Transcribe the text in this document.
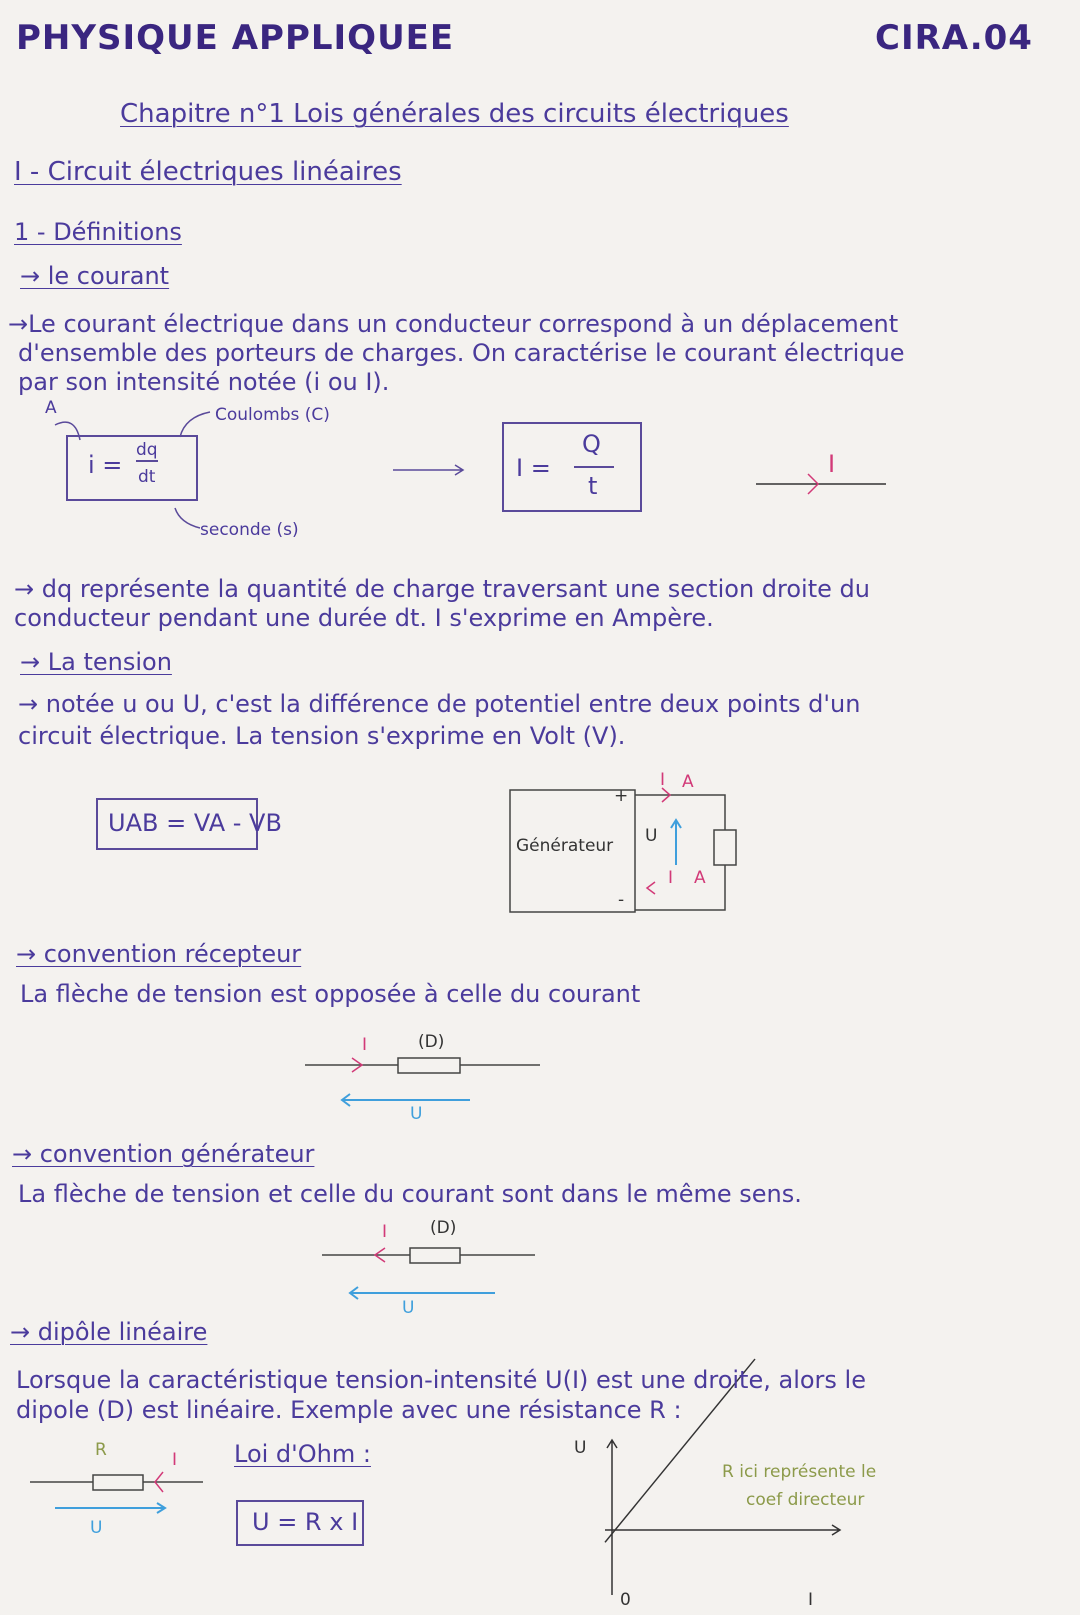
PHYSIQUE APPLIQUEE	CIRA.04
Chapitre n°1 Lois générales des circuits électriques
I - Circuit électriques linéaires
1 - Définitions
→ le courant
→Le courant électrique dans un conducteur correspond à un déplacement
d'ensemble des porteurs de charges. On caractérise le courant électrique
par son intensité notée (i ou I).
A	Coulombs (C)
i =
dq
dt
seconde (s)
I =
Q
t
I
→ dq représente la quantité de charge traversant une section droite du
conducteur pendant une durée dt. I s'exprime en Ampère.
→ La tension
→ notée u ou U, c'est la différence de potentiel entre deux points d'un
circuit électrique. La tension s'exprime en Volt (V).
UAB = VA - VB
Générateur
+
-
U
I A
I A
→ convention récepteur
La flèche de tension est opposée à celle du courant
I	(D)
U
→ convention générateur
La flèche de tension et celle du courant sont dans le même sens.
I	(D)
U
→ dipôle linéaire
Lorsque la caractéristique tension-intensité U(I) est une droite, alors le
dipole (D) est linéaire. Exemple avec une résistance R :
R	I
U
Loi d'Ohm :
U = R x I
U
I
0
R ici représente le
coef directeur
